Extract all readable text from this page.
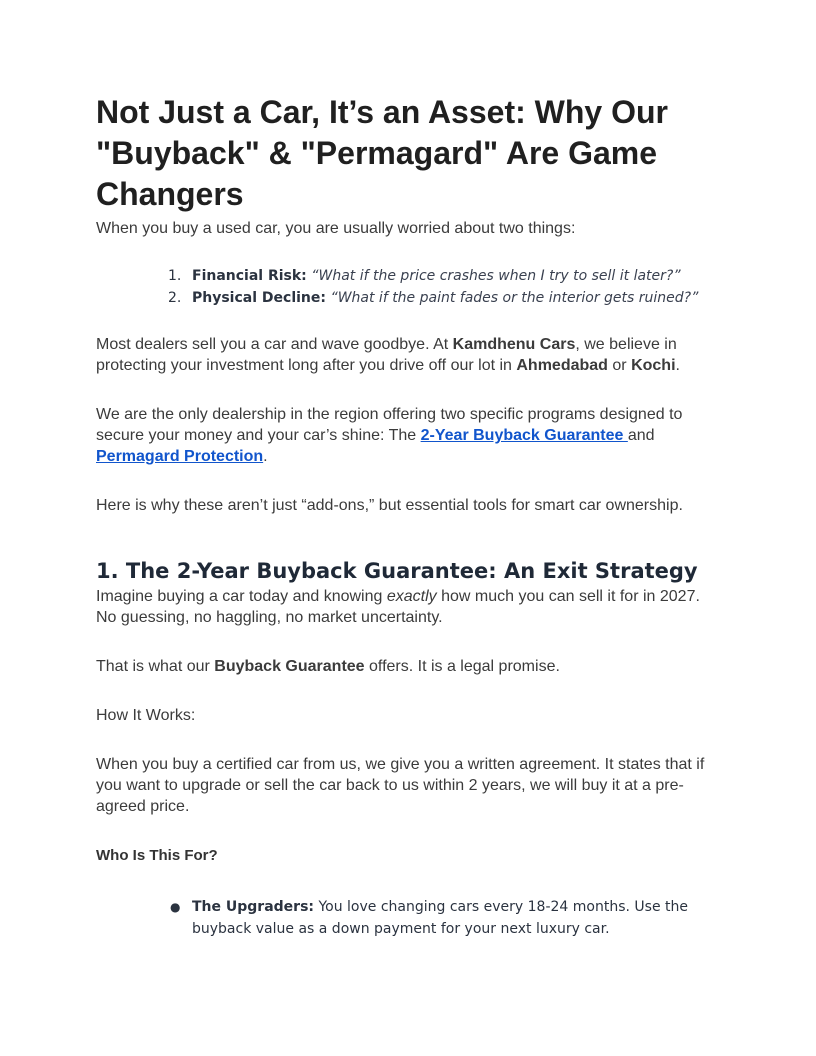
Not Just a Car, It’s an Asset: Why Our "Buyback" & "Permagard" Are Game Changers

When you buy a used car, you are usually worried about two things:

1. Financial Risk: “What if the price crashes when I try to sell it later?”
2. Physical Decline: “What if the paint fades or the interior gets ruined?”

Most dealers sell you a car and wave goodbye. At Kamdhenu Cars, we believe in protecting your investment long after you drive off our lot in Ahmedabad or Kochi.

We are the only dealership in the region offering two specific programs designed to secure your money and your car’s shine: The 2-Year Buyback Guarantee and Permagard Protection.

Here is why these aren’t just “add-ons,” but essential tools for smart car ownership.

1. The 2-Year Buyback Guarantee: An Exit Strategy

Imagine buying a car today and knowing exactly how much you can sell it for in 2027. No guessing, no haggling, no market uncertainty.

That is what our Buyback Guarantee offers. It is a legal promise.

How It Works:

When you buy a certified car from us, we give you a written agreement. It states that if you want to upgrade or sell the car back to us within 2 years, we will buy it at a pre-agreed price.

Who Is This For?

● The Upgraders: You love changing cars every 18-24 months. Use the buyback value as a down payment for your next luxury car.
